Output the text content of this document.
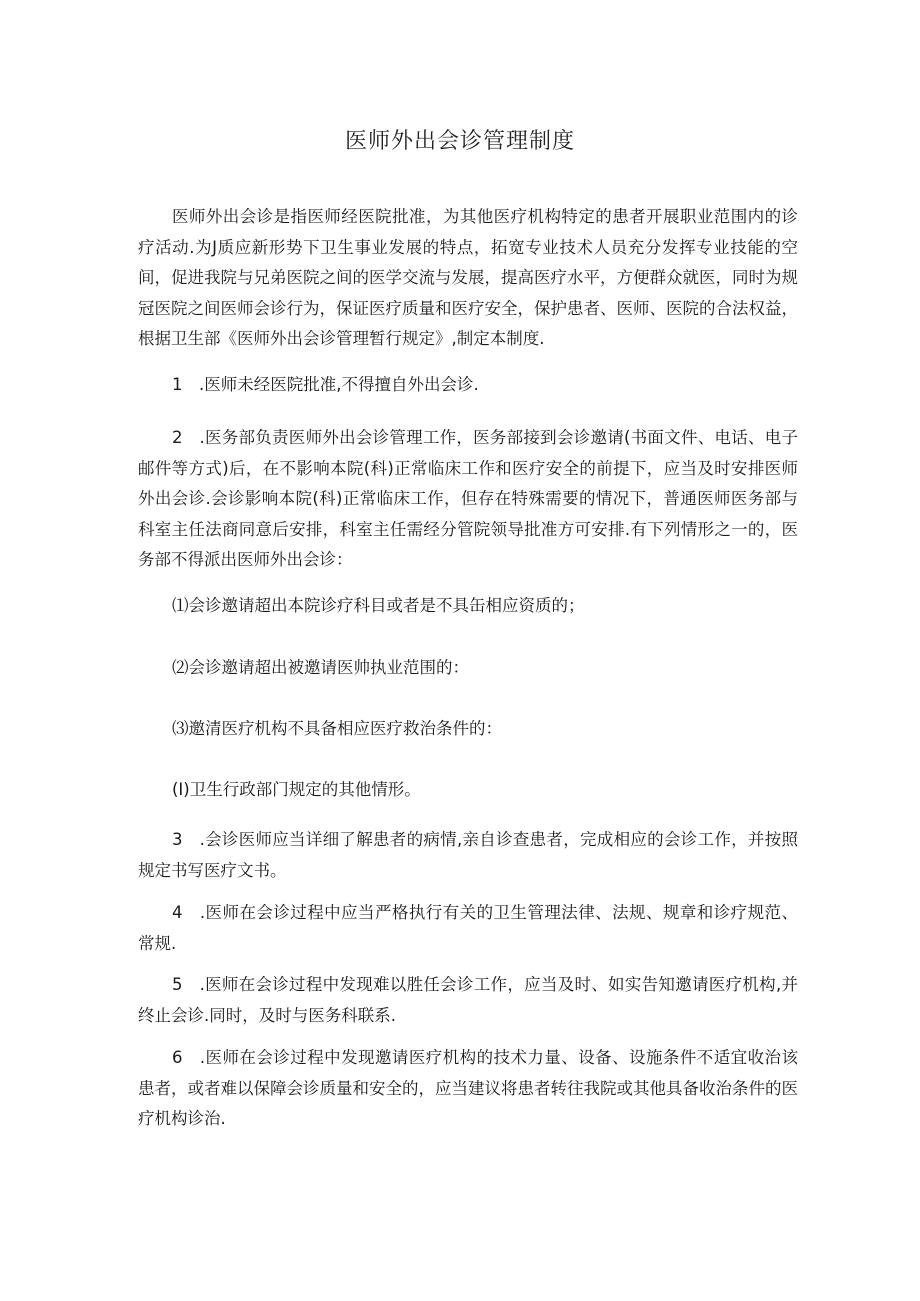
医师外出会诊管理制度
医师外出会诊是指医师经医院批准，为其他医疗机构特定的患者开展职业范围内的诊疗活动.为J质应新形势下卫生事业发展的特点，拓宽专业技术人员充分发挥专业技能的空间，促进我院与兄弟医院之间的医学交流与发展，提高医疗水平，方便群众就医，同时为规冠医院之间医师会诊行为，保证医疗质量和医疗安全，保护患者、医师、医院的合法权益，根据卫生部《医师外出会诊管理暂行规定》,制定本制度.
1　.医师未经医院批准,不得擅自外出会诊.
2　.医务部负责医师外出会诊管理工作，医务部接到会诊邀请(书面文件、电话、电子邮件等方式)后，在不影响本院(科)正常临床工作和医疗安全的前提下，应当及时安排医师外出会诊.会诊影响本院(科)正常临床工作，但存在特殊需要的情况下，普通医师医务部与科室主任法商同意后安排，科室主任需经分管院领导批准方可安排.有下列情形之一的，医务部不得派出医师外出会诊：
⑴会诊邀请超出本院诊疗科目或者是不具缶相应资质的；
⑵会诊邀请超出被邀请医帅执业范围的：
⑶邀清医疗机构不具备相应医疗救治条件的：
(I)卫生行政部门规定的其他情形。
3　.会诊医师应当详细了解患者的病情,亲自诊查患者，完成相应的会诊工作，并按照规定书写医疗文书。
4　.医师在会诊过程中应当严格执行有关的卫生管理法律、法规、规章和诊疗规范、常规.
5　.医师在会诊过程中发现难以胜任会诊工作，应当及时、如实告知邀请医疗机构,并终止会诊.同时，及时与医务科联系.
6　.医师在会诊过程中发现邀请医疗机构的技术力量、设备、设施条件不适宜收治该患者，或者难以保障会诊质量和安全的，应当建议将患者转往我院或其他具备收治条件的医疗机构诊治.
